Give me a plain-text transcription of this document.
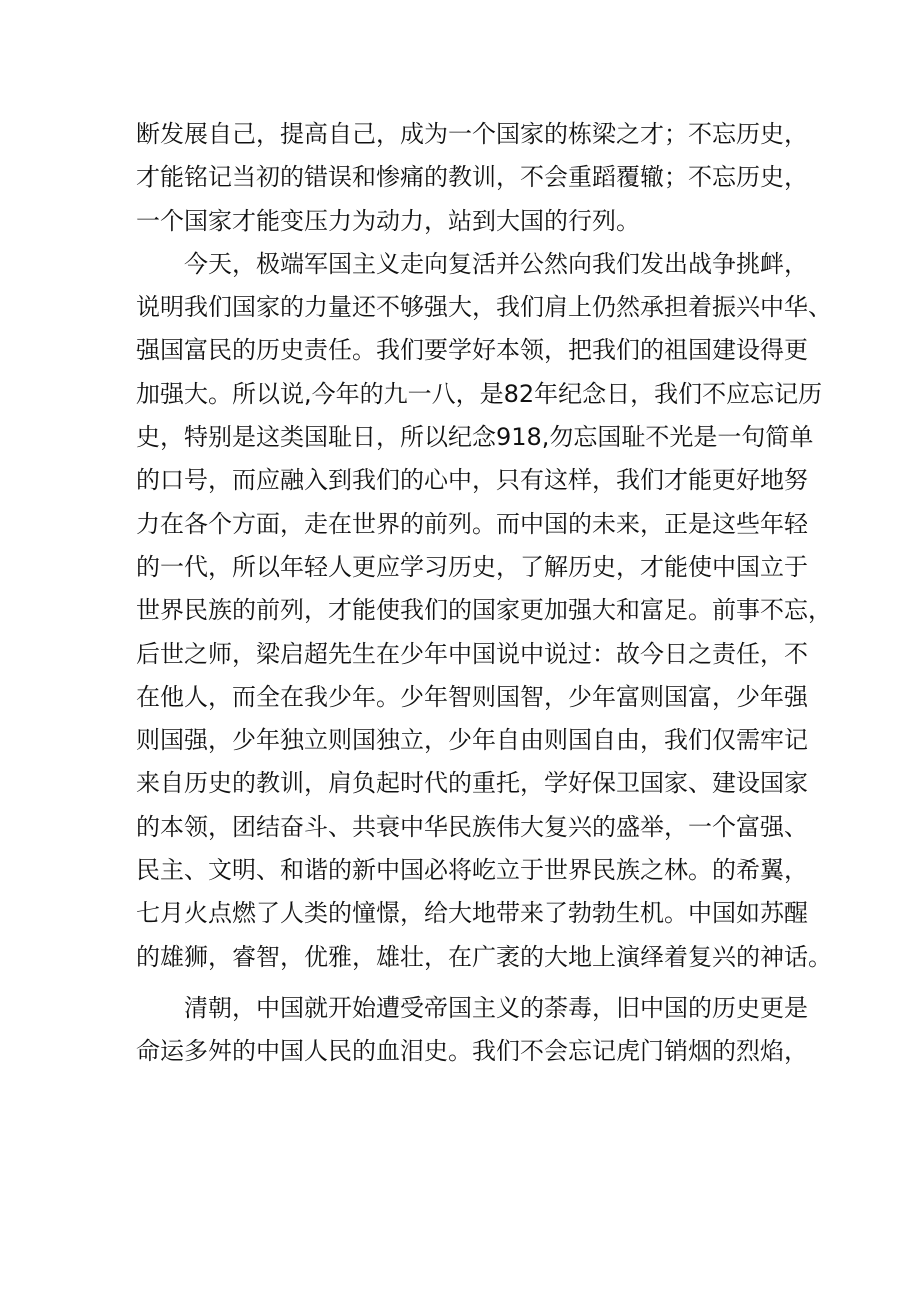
断发展自己，提高自己，成为一个国家的栋梁之才；不忘历史，
才能铭记当初的错误和惨痛的教训，不会重蹈覆辙；不忘历史，
一个国家才能变压力为动力，站到大国的行列。
今天，极端军国主义走向复活并公然向我们发出战争挑衅，
说明我们国家的力量还不够强大，我们肩上仍然承担着振兴中华、
强国富民的历史责任。我们要学好本领，把我们的祖国建设得更
加强大。所以说,今年的九一八，是82年纪念日，我们不应忘记历
史，特别是这类国耻日，所以纪念918,勿忘国耻不光是一句简单
的口号，而应融入到我们的心中，只有这样，我们才能更好地努
力在各个方面，走在世界的前列。而中国的未来，正是这些年轻
的一代，所以年轻人更应学习历史，了解历史，才能使中国立于
世界民族的前列，才能使我们的国家更加强大和富足。前事不忘，
后世之师，梁启超先生在少年中国说中说过：故今日之责任，不
在他人，而全在我少年。少年智则国智，少年富则国富，少年强
则国强，少年独立则国独立，少年自由则国自由，我们仅需牢记
来自历史的教训，肩负起时代的重托，学好保卫国家、建设国家
的本领，团结奋斗、共衰中华民族伟大复兴的盛举，一个富强、
民主、文明、和谐的新中国必将屹立于世界民族之林。的希翼，
七月火点燃了人类的憧憬，给大地带来了勃勃生机。中国如苏醒
的雄狮，睿智，优雅，雄壮，在广袤的大地上演绎着复兴的神话。
清朝，中国就开始遭受帝国主义的荼毒，旧中国的历史更是
命运多舛的中国人民的血泪史。我们不会忘记虎门销烟的烈焰，
